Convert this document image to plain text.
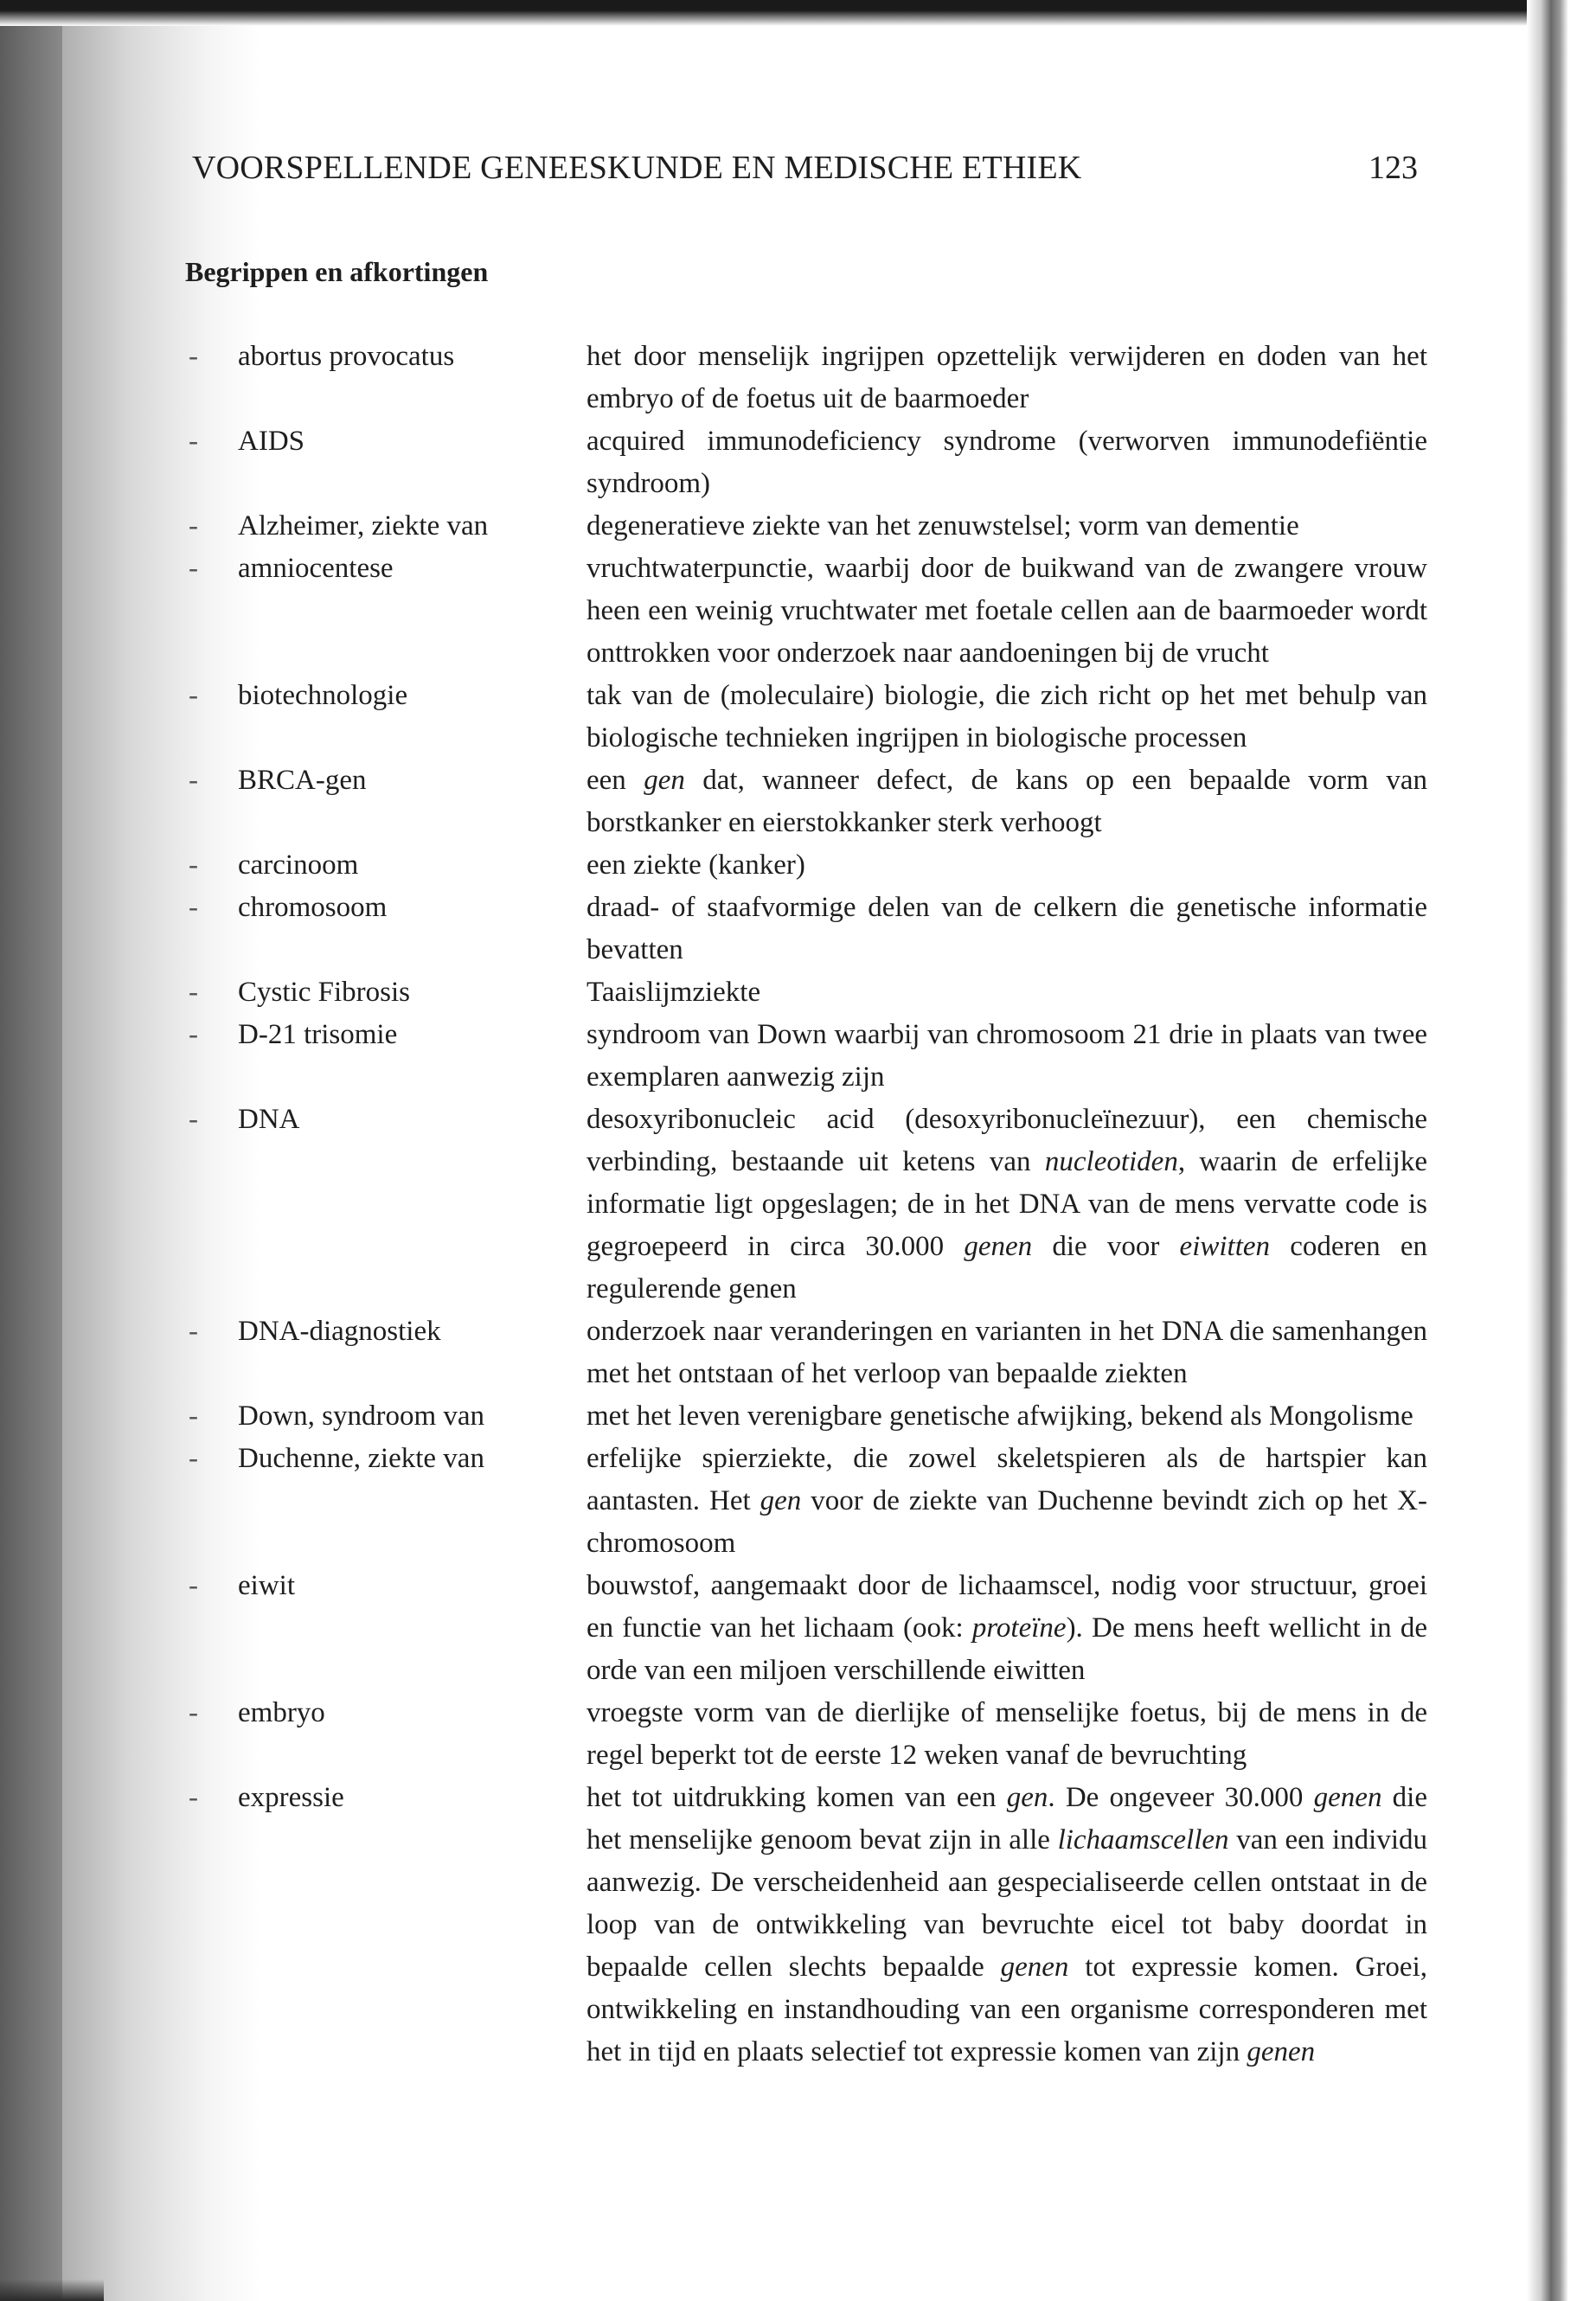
VOORSPELLENDE GENEESKUNDE EN MEDISCHE ETHIEK	123
Begrippen en afkortingen
- abortus provocatus	het door menselijk ingrijpen opzettelijk verwijderen en doden van het embryo of de foetus uit de baarmoeder

- AIDS	acquired immunodeficiency syndrome (verworven immunodefiëntie syndroom)

- Alzheimer, ziekte van	degeneratieve ziekte van het zenuwstelsel; vorm van dementie

- amniocentese	vruchtwaterpunctie, waarbij door de buikwand van de zwangere vrouw heen een weinig vruchtwater met foetale cellen aan de baarmoeder wordt onttrokken voor onderzoek naar aandoeningen bij de vrucht

- biotechnologie	tak van de (moleculaire) biologie, die zich richt op het met behulp van biologische technieken ingrijpen in biologische processen

- BRCA-gen	een gen dat, wanneer defect, de kans op een bepaalde vorm van borstkanker en eierstokkanker sterk verhoogt

- carcinoom	een ziekte (kanker)

- chromosoom	draad- of staafvormige delen van de celkern die genetische informatie bevatten

- Cystic Fibrosis	Taaislijmziekte

- D-21 trisomie	syndroom van Down waarbij van chromosoom 21 drie in plaats van twee exemplaren aanwezig zijn

- DNA	desoxyribonucleic acid (desoxyribonucleïnezuur), een chemische verbinding, bestaande uit ketens van nucleotiden, waarin de erfelijke informatie ligt opgeslagen; de in het DNA van de mens vervatte code is gegroepeerd in circa 30.000 genen die voor eiwitten coderen en regulerende genen

- DNA-diagnostiek	onderzoek naar veranderingen en varianten in het DNA die samenhangen met het ontstaan of het verloop van bepaalde ziekten

- Down, syndroom van	met het leven verenigbare genetische afwijking, bekend als Mongolisme

- Duchenne, ziekte van	erfelijke spierziekte, die zowel skeletspieren als de hartspier kan aantasten. Het gen voor de ziekte van Duchenne bevindt zich op het X-chromosoom

- eiwit	bouwstof, aangemaakt door de lichaamscel, nodig voor structuur, groei en functie van het lichaam (ook: proteïne). De mens heeft wellicht in de orde van een miljoen verschillende eiwitten

- embryo	vroegste vorm van de dierlijke of menselijke foetus, bij de mens in de regel beperkt tot de eerste 12 weken vanaf de bevruchting

- expressie	het tot uitdrukking komen van een gen. De ongeveer 30.000 genen die het menselijke genoom bevat zijn in alle lichaamscellen van een individu aanwezig. De verscheidenheid aan gespecialiseerde cellen ontstaat in de loop van de ontwikkeling van bevruchte eicel tot baby doordat in bepaalde cellen slechts bepaalde genen tot expressie komen. Groei, ontwikkeling en instandhouding van een organisme corresponderen met het in tijd en plaats selectief tot expressie komen van zijn genen
